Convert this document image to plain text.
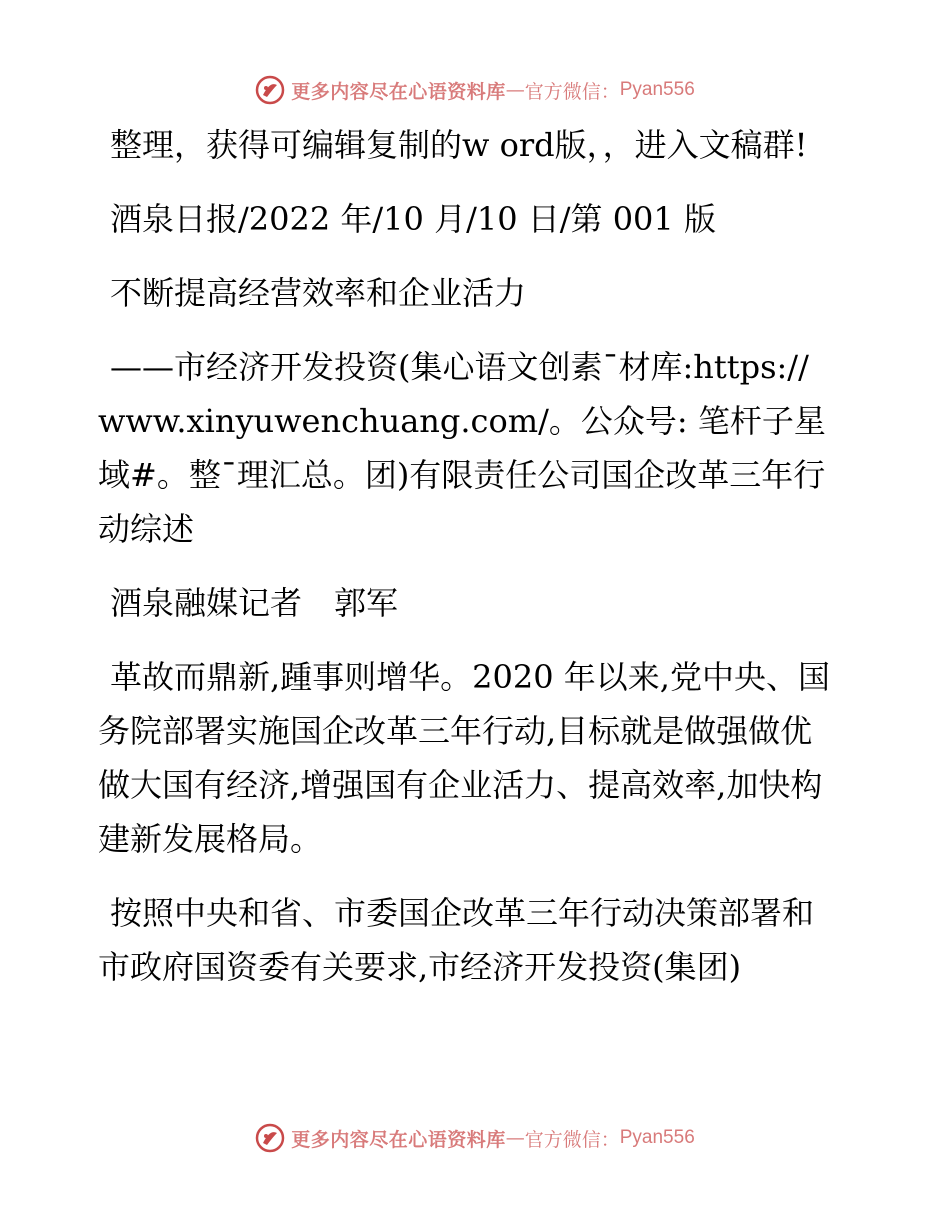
更多内容尽在心语资料库 — 官方微信： Pyan556

整理，获得可编辑复制的w ord版，，进入文稿群!

酒泉日报/2022 年/10 月/10 日/第 001 版

不断提高经营效率和企业活力

——市经济开发投资(集心语文创素¯材库:https://www.xinyuwenchuang.com/。公众号: 笔杆子星域#。整¯理汇总。团)有限责任公司国企改革三年行动综述

酒泉融媒记者　郭军

革故而鼎新,踵事则增华。2020 年以来,党中央、国务院部署实施国企改革三年行动,目标就是做强做优做大国有经济,增强国有企业活力、提高效率,加快构建新发展格局。

按照中央和省、市委国企改革三年行动决策部署和市政府国资委有关要求,市经济开发投资(集团)

更多内容尽在心语资料库 — 官方微信： Pyan556
